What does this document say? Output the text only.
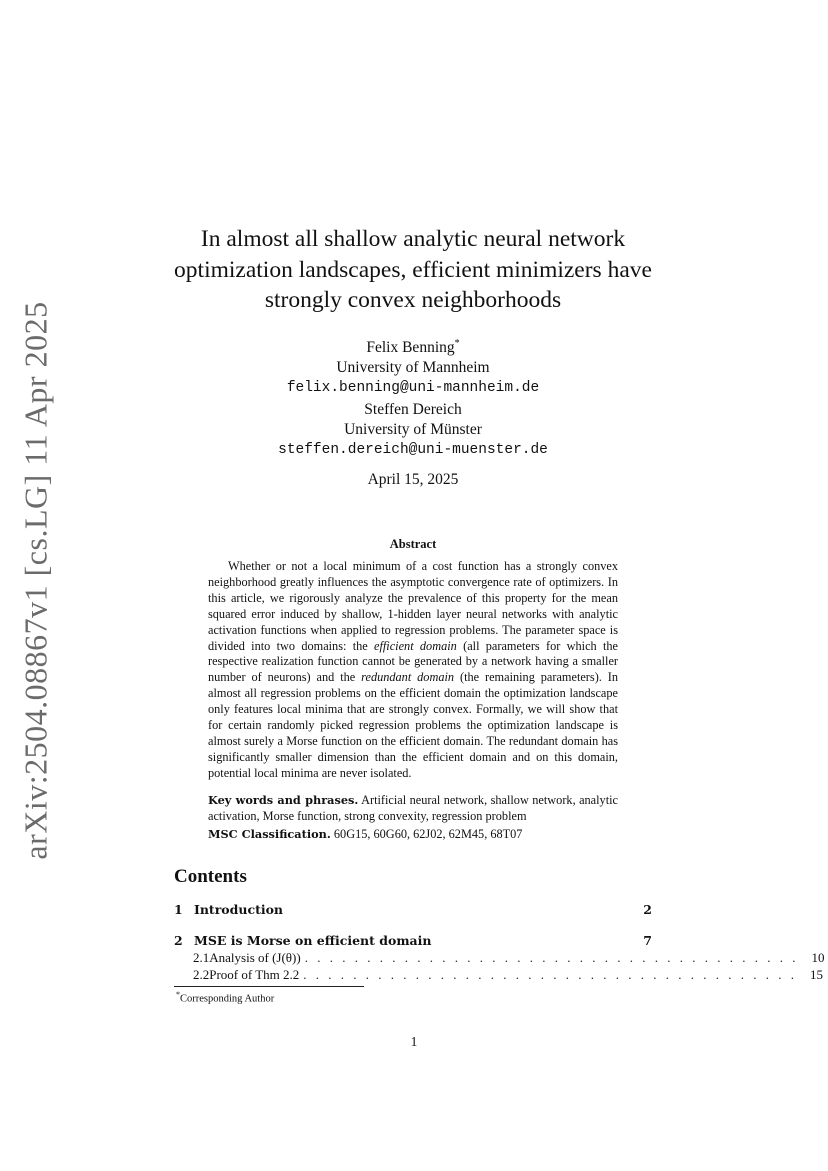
arXiv:2504.08867v1 [cs.LG] 11 Apr 2025
In almost all shallow analytic neural network
optimization landscapes, efficient minimizers have
strongly convex neighborhoods
Felix Benning*
University of Mannheim
felix.benning@uni-mannheim.de
Steffen Dereich
University of Münster
steffen.dereich@uni-muenster.de
April 15, 2025
Abstract

Whether or not a local minimum of a cost function has a strongly convex neighborhood greatly influences the asymptotic convergence rate of optimizers. In this article, we rigorously analyze the prevalence of this property for the mean squared error induced by shallow, 1-hidden layer neural networks with analytic activation functions when applied to regression problems. The parameter space is divided into two domains: the efficient domain (all parameters for which the respective realization function cannot be generated by a network having a smaller number of neurons) and the redundant domain (the remaining parameters). In almost all regression problems on the efficient domain the optimization landscape only features local minima that are strongly convex. Formally, we will show that for certain randomly picked regression problems the optimization landscape is almost surely a Morse function on the efficient domain. The redundant domain has significantly smaller dimension than the efficient domain and on this domain, potential local minima are never isolated.

Key words and phrases. Artificial neural network, shallow network, analytic activation, Morse function, strong convexity, regression problem

MSC Classification. 60G15, 60G60, 62J02, 62M45, 68T07

Contents
1 Introduction	2
2 MSE is Morse on efficient domain	7
2.1 Analysis of (J(θ)) . . . . . . . . . . . . . . . . . . . . . . . . . . . . . . . . . . . . . . . .	10
2.2 Proof of Thm 2.2 . . . . . . . . . . . . . . . . . . . . . . . . . . . . . . . . . . . . . . . .	15
*Corresponding Author
1
